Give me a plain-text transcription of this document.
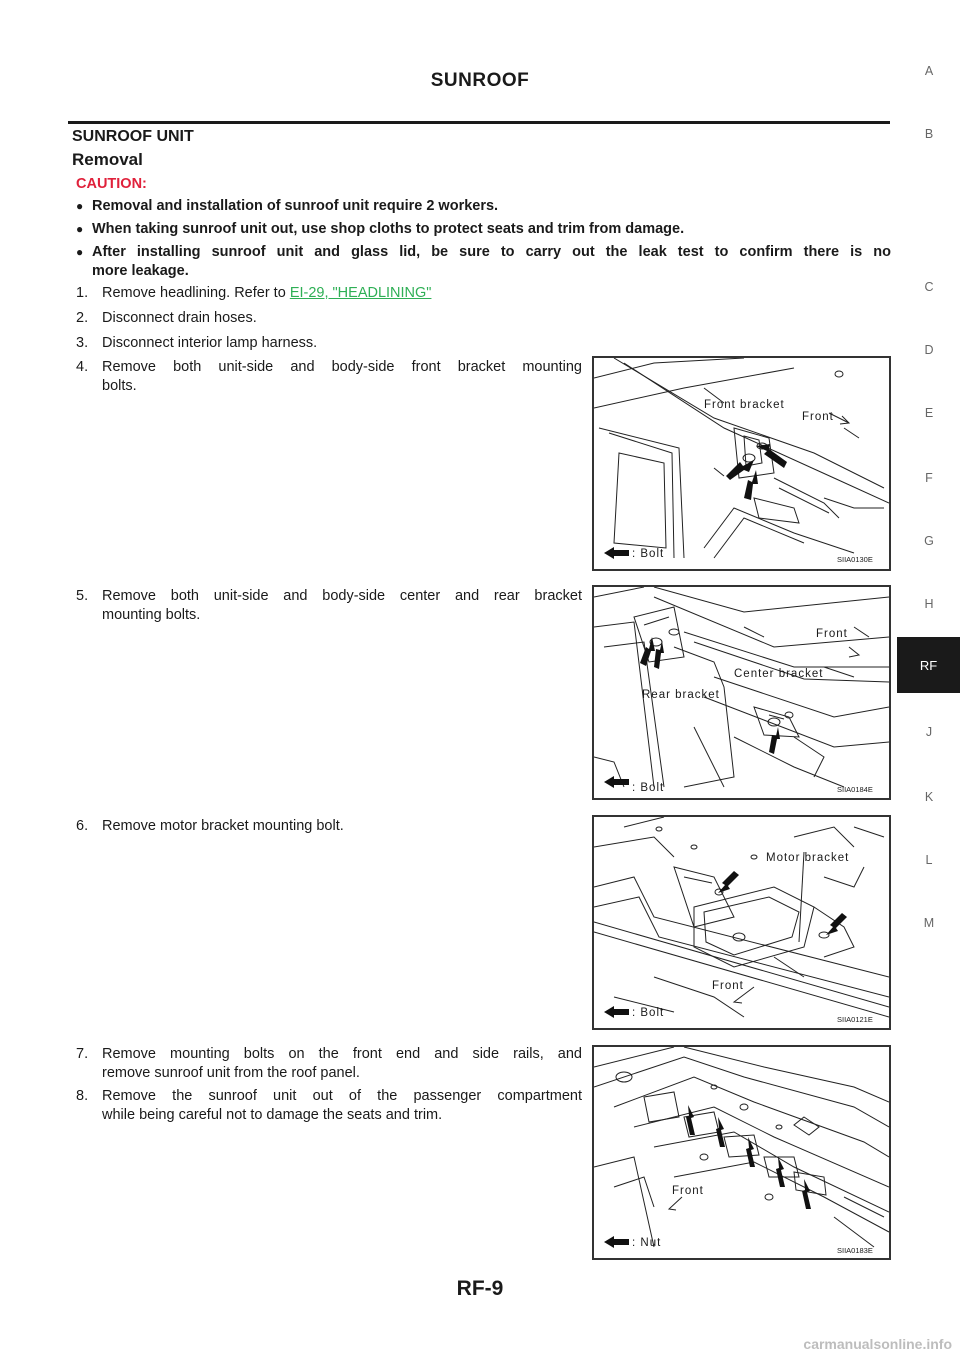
SUNROOF
SUNROOF UNIT
Removal
CAUTION:
● Removal and installation of sunroof unit require 2 workers.
● When taking sunroof unit out, use shop cloths to protect seats and trim from damage.
● After installing sunroof unit and glass lid, be sure to carry out the leak test to confirm there is no
more leakage.
1. Remove headlining. Refer to EI-29, "HEADLINING"
2. Disconnect drain hoses.
3. Disconnect interior lamp harness.
4. Remove both unit-side and body-side front bracket mounting
bolts.
5. Remove both unit-side and body-side center and rear bracket
mounting bolts.
6. Remove motor bracket mounting bolt.
7. Remove mounting bolts on the front end and side rails, and
remove sunroof unit from the roof panel.
8. Remove the sunroof unit out of the passenger compartment
while being careful not to damage the seats and trim.
Front bracket
Front
: Bolt	SIIA0130E
Front
Center bracket
Rear bracket
: Bolt	SIIA0184E
Motor bracket
Front
: Bolt
SIIA0121E
Front
: Nut
SIIA0183E
A
B
C
D
E
F
G
H
RF
J
K
L
M
RF-9
carmanualsonline.info
